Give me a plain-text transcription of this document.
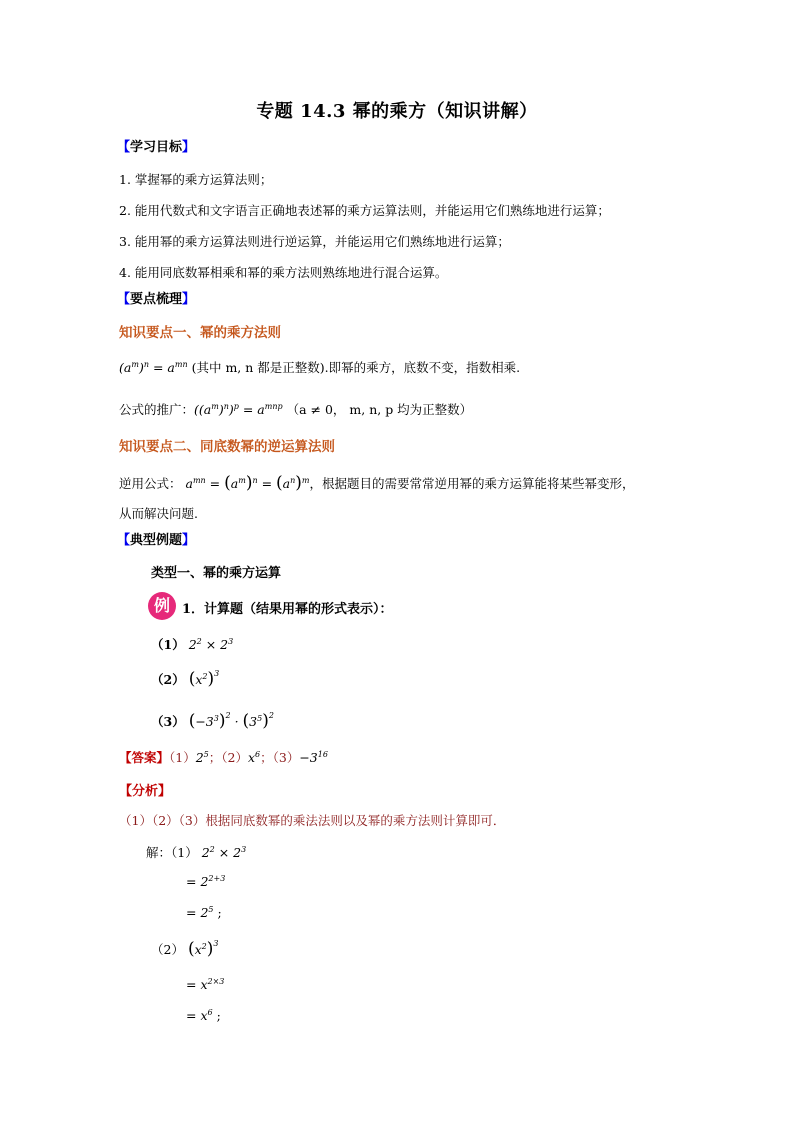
专题 14.3 幂的乘方（知识讲解）
【学习目标】
1. 掌握幂的乘方运算法则；
2. 能用代数式和文字语言正确地表述幂的乘方运算法则，并能运用它们熟练地进行运算；
3. 能用幂的乘方运算法则进行逆运算，并能运用它们熟练地进行运算；
4. 能用同底数幂相乘和幂的乘方法则熟练地进行混合运算。
【要点梳理】
知识要点一、幂的乘方法则
$(a^m)^n = a^{mn}$ (其中 m, n 都是正整数).即幂的乘方，底数不变，指数相乘.
公式的推广：$((a^m)^n)^p = a^{mnp}$ （a ≠ 0， m, n, p 均为正整数）
知识要点二、同底数幂的逆运算法则
逆用公式： $a^{mn} = (a^m)^n = (a^n)^m$，根据题目的需要常常逆用幂的乘方运算能将某些幂变形，
从而解决问题.
【典型例题】
类型一、幂的乘方运算
例 1．计算题（结果用幂的形式表示）：
（1） $2^2 \times 2^3$
（2） $(x^2)^3$
（3） $(-3^3)^2 \cdot (3^5)^2$
【答案】$(1)2^5$；$(2)x^6$；$(3)-3^{16}$
【分析】
（1）（2）（3）根据同底数幂的乘法法则以及幂的乘方法则计算即可．
解：（1） $2^2 \times 2^3$
= $2^{2+3}$
= $2^5$ ;
（2） $(x^2)^3$
= $x^{2\times 3}$
= $x^6$ ;
